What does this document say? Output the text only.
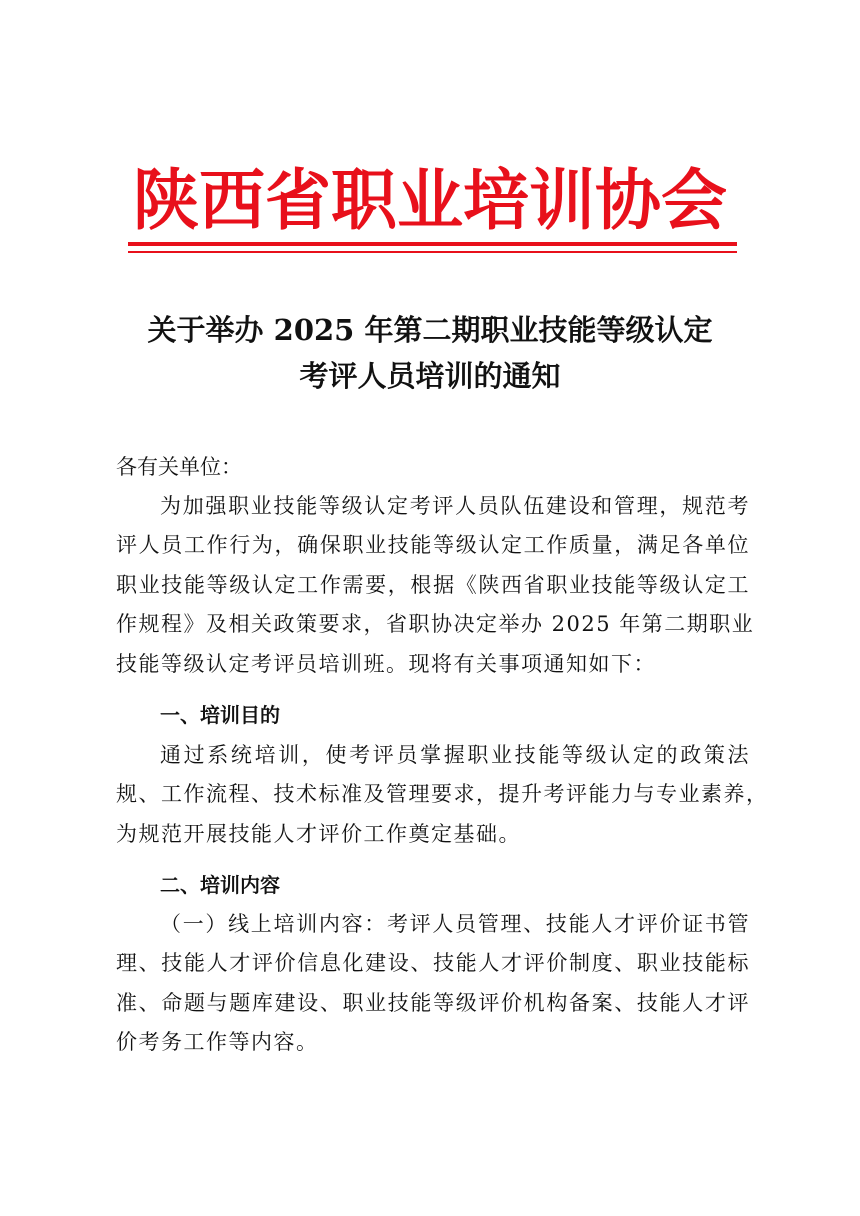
陕西省职业培训协会
关于举办 2025 年第二期职业技能等级认定
考评人员培训的通知
各有关单位：
为加强职业技能等级认定考评人员队伍建设和管理，规范考
评人员工作行为，确保职业技能等级认定工作质量，满足各单位
职业技能等级认定工作需要，根据《陕西省职业技能等级认定工
作规程》及相关政策要求，省职协决定举办 2025 年第二期职业
技能等级认定考评员培训班。现将有关事项通知如下：
一、培训目的
通过系统培训，使考评员掌握职业技能等级认定的政策法
规、工作流程、技术标准及管理要求，提升考评能力与专业素养，
为规范开展技能人才评价工作奠定基础。
二、培训内容
（一）线上培训内容：考评人员管理、技能人才评价证书管
理、技能人才评价信息化建设、技能人才评价制度、职业技能标
准、命题与题库建设、职业技能等级评价机构备案、技能人才评
价考务工作等内容。
